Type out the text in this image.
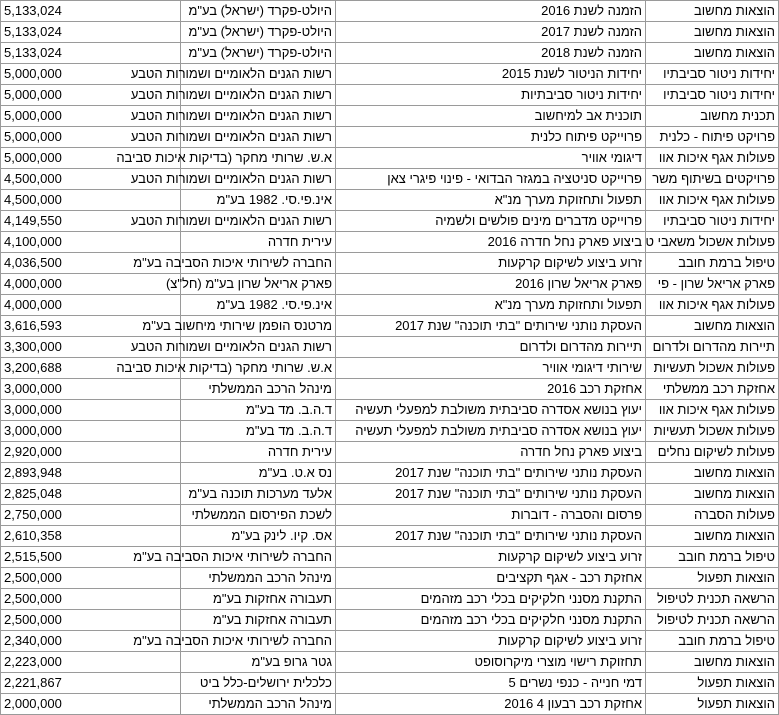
5,133,024	היולט-פקרד (ישראל) בע"מ	הזמנה לשנת 2016	הוצאות מחשוב
5,133,024	היולט-פקרד (ישראל) בע"מ	הזמנה לשנת 2017	הוצאות מחשוב
5,133,024	היולט-פקרד (ישראל) בע"מ	הזמנה לשנת 2018	הוצאות מחשוב
5,000,000	רשות הגנים הלאומיים ושמורות הטבע	יחידות הניטור לשנת 2015	יחידות ניטור סביבתיו
5,000,000	רשות הגנים הלאומיים ושמורות הטבע	יחידות ניטור סביבתיות	יחידות ניטור סביבתיו
5,000,000	רשות הגנים הלאומיים ושמורות הטבע	תוכנית אב למיחשוב	תכנית מחשוב
5,000,000	רשות הגנים הלאומיים ושמורות הטבע	פרוייקט פיתוח כלנית	פרויקט פיתוח - כלנית
5,000,000	א.ש. שרותי מחקר (בדיקות איכות סביבה	דיגומי אוויר	פעולות אגף איכות אוו
4,500,000	רשות הגנים הלאומיים ושמורות הטבע	פרוייקט סניטציה במגזר הבדואי - פינוי פיגרי צאן	פרויקטים בשיתוף משר
4,500,000	אינ.פי.סי. 1982 בע"מ	תפעול ותחזוקת מערך מנ"א	פעולות אגף איכות אוו
4,149,550	רשות הגנים הלאומיים ושמורות הטבע	פרוייקט מדברים מינים פולשים ולשמיה	יחידות ניטור סביבתיו
4,100,000	עירית חדרה	ביצוע פארק נחל חדרה 2016	פעולות אשכול משאבי ט
4,036,500	החברה לשירותי איכות הסביבה בע"מ	זרוע ביצוע לשיקום קרקעות	טיפול ברמת חובב
4,000,000	פארק אריאל שרון בע"מ (חל"צ)	פארק אריאל שרון 2016	פארק אריאל שרון - פי
4,000,000	אינ.פי.סי. 1982 בע"מ	תפעול ותחזוקת מערך מנ"א	פעולות אגף איכות אוו
3,616,593	מרטנס הופמן שירותי מיחשוב בע"מ	העסקת נותני שירותים "בתי תוכנה" שנת 2017	הוצאות מחשוב
3,300,000	רשות הגנים הלאומיים ושמורות הטבע	תיירות מהדרום ולדרום	תיירות מהדרום ולדרום
3,200,688	א.ש. שרותי מחקר (בדיקות איכות סביבה	שירותי דיגומי אוויר	פעולות אשכול תעשיות
3,000,000	מינהל הרכב הממשלתי	אחזקת רכב 2016	אחזקת רכב ממשלתי
3,000,000	ד.ה.ב. מד בע"מ	יעוץ בנושא אסדרה סביבתית משולבת למפעלי תעשיה	פעולות אגף איכות אוו
3,000,000	ד.ה.ב. מד בע"מ	יעוץ בנושא אסדרה סביבתית משולבת למפעלי תעשיה	פעולות אשכול תעשיות
2,920,000	עירית חדרה	ביצוע פארק נחל חדרה	פעולות לשיקום נחלים
2,893,948	נס א.ט. בע"מ	העסקת נותני שירותים "בתי תוכנה" שנת 2017	הוצאות מחשוב
2,825,048	אלעד מערכות תוכנה בע"מ	העסקת נותני שירותים "בתי תוכנה" שנת 2017	הוצאות מחשוב
2,750,000	לשכת הפירסום הממשלתי	פרסום והסברה - דוברות	פעולות הסברה
2,610,358	אס. קיו. לינק בע"מ	העסקת נותני שירותים "בתי תוכנה" שנת 2017	הוצאות מחשוב
2,515,500	החברה לשירותי איכות הסביבה בע"מ	זרוע ביצוע לשיקום קרקעות	טיפול ברמת חובב
2,500,000	מינהל הרכב הממשלתי	אחזקת רכב - אגף תקציבים	הוצאות תפעול
2,500,000	תעבורה אחזקות בע"מ	התקנת מסנני חלקיקים בכלי רכב מזהמים	הרשאה תכנית לטיפול
2,500,000	תעבורה אחזקות בע"מ	התקנת מסנני חלקיקים בכלי רכב מזהמים	הרשאה תכנית לטיפול
2,340,000	החברה לשירותי איכות הסביבה בע"מ	זרוע ביצוע לשיקום קרקעות	טיפול ברמת חובב
2,223,000	גטר גרופ בע"מ	תחזוקת רישוי מוצרי מיקרוסופט	הוצאות מחשוב
2,221,867	כלכלית ירושלים-כלל ביט	דמי חנייה - כנפי נשרים 5	הוצאות תפעול
2,000,000	מינהל הרכב הממשלתי	אחזקת רכב רבעון 4 2016	הוצאות תפעול
